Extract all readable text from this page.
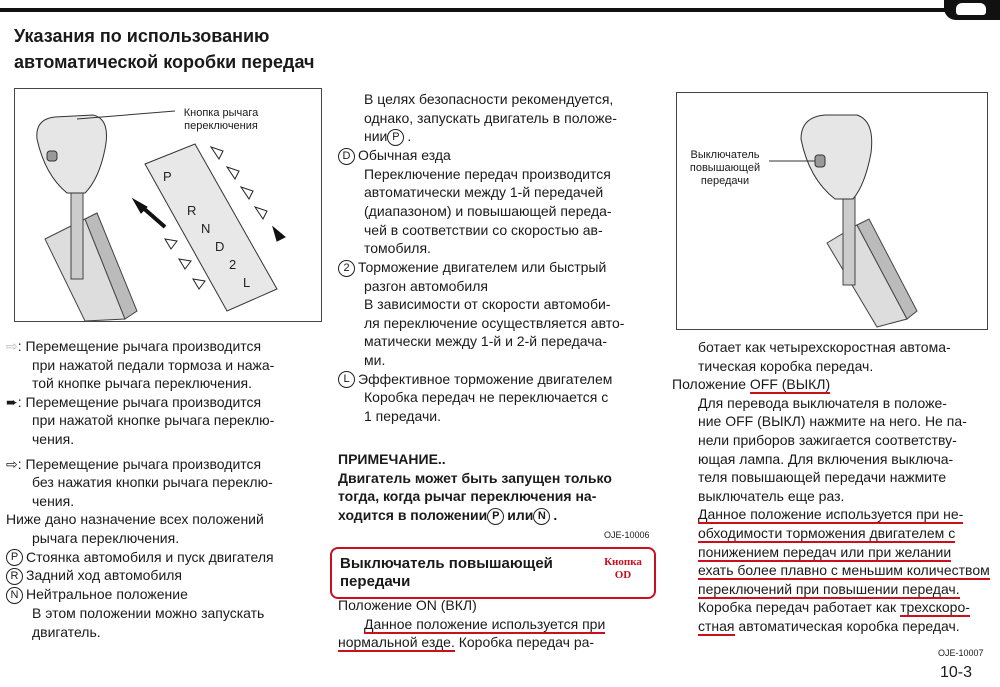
Указания по использованию
автоматической коробки передач
P
R N D 2 L
Кнопка рычага
переключения
Выключатель
повышающей
передачи

⇨: Перемещение рычага производится

при нажатой педали тормоза и нажа-

той кнопке рычага переключения.

➨: Перемещение рычага производится

при нажатой кнопке рычага переклю-

чения.

⇨: Перемещение рычага производится

без нажатия кнопки рычага переклю-

чения.

Ниже дано назначение всех положений

рычага переключения.

P Стоянка автомобиля и пуск двигателя

R Задний ход автомобиля

N Нейтральное положение

В этом положении можно запускать

двигатель.

В целях безопасности рекомендуется,

однако, запускать двигатель в положе-

нии P .

D Обычная езда

Переключение передач производится

автоматически между 1-й передачей

(диапазоном) и повышающей переда-

чей в соответствии со скоростью ав-

томобиля.

2 Торможение двигателем или быстрый

разгон автомобиля

В зависимости от скорости автомоби-

ля переключение осуществляется авто-

матически между 1-й и 2-й передача-

ми.

L Эффективное торможение двигателем

Коробка передач не переключается с

1 передачи.

ПРИМЕЧАНИЕ..

Двигатель может быть запущен только

тогда, когда рычаг переключения на-

ходится в положении P или N .

OJE-10006
Выключатель повышающей
передачи
Кнопка
OD

Положение ON (ВКЛ)

Данное положение используется при

нормальной езде. Коробка передач ра-

ботает как четырехскоростная автома-

тическая коробка передач.

Положение OFF (ВЫКЛ)

Для перевода выключателя в положе-

ние OFF (ВЫКЛ) нажмите на него. Не па-

нели приборов зажигается соответству-

ющая лампа. Для включения выключа-

теля повышающей передачи нажмите

выключатель еще раз.

Данное положение используется при не-

обходимости торможения двигателем с

понижением передач или при желании

ехать более плавно с меньшим количеством

переключений при повышении передач.

Коробка передач работает как трехскоро-

стная автоматическая коробка передач.

OJE-10007
10-3
